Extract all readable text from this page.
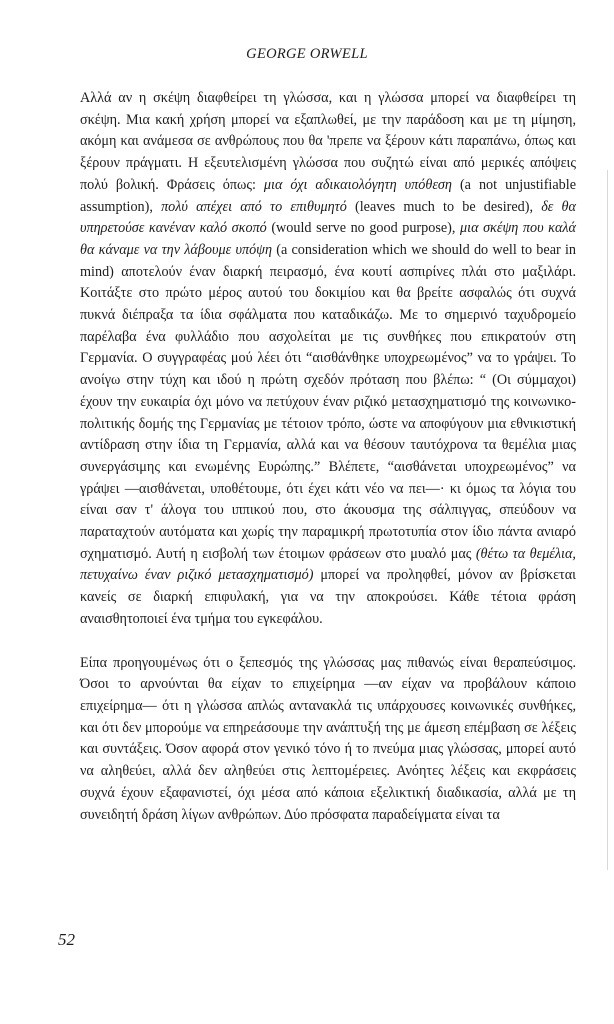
GEORGE ORWELL

Αλλά αν η σκέψη διαφθείρει τη γλώσσα, και η γλώσσα μπορεί να διαφθείρει τη σκέψη. Μια κακή χρήση μπορεί να εξαπλωθεί, με την παράδοση και με τη μίμηση, ακόμη και ανάμεσα σε ανθρώπους που θα 'πρεπε να ξέρουν κάτι παραπάνω, όπως και ξέρουν πράγματι. Η εξευτελισμένη γλώσσα που συζητώ είναι από μερικές απόψεις πολύ βολική. Φράσεις όπως: μια όχι αδικαιολόγητη υπόθεση (a not unjustifiable assumption), πολύ απέχει από το επιθυμητό (leaves much to be desired), δε θα υπηρετούσε κανέναν καλό σκοπό (would serve no good purpose), μια σκέψη που καλά θα κάναμε να την λάβουμε υπόψη (a consideration which we should do well to bear in mind) αποτελούν έναν διαρκή πειρασμό, ένα κουτί ασπιρίνες πλάι στο μαξιλάρι. Κοιτάξτε στο πρώτο μέρος αυτού του δοκιμίου και θα βρείτε ασφαλώς ότι συχνά πυκνά διέπραξα τα ίδια σφάλματα που καταδικάζω. Με το σημερινό ταχυδρομείο παρέλαβα ένα φυλλάδιο που ασχολείται με τις συνθήκες που επικρατούν στη Γερμανία. Ο συγγραφέας μού λέει ότι “αισθάνθηκε υποχρεωμένος” να το γράψει. Το ανοίγω στην τύχη και ιδού η πρώτη σχεδόν πρόταση που βλέπω: “ (Οι σύμμαχοι) έχουν την ευκαιρία όχι μόνο να πετύχουν έναν ριζικό μετασχηματισμό της κοινωνικο-πολιτικής δομής της Γερμανίας με τέτοιον τρόπο, ώστε να αποφύγουν μια εθνικιστική αντίδραση στην ίδια τη Γερμανία, αλλά και να θέσουν ταυτόχρονα τα θεμέλια μιας συνεργάσιμης και ενωμένης Ευρώπης.” Βλέπετε, “αισθάνεται υποχρεωμένος” να γράψει —αισθάνεται, υποθέτουμε, ότι έχει κάτι νέο να πει—· κι όμως τα λόγια του είναι σαν τ' άλογα του ιππικού που, στο άκουσμα της σάλπιγγας, σπεύδουν να παραταχτούν αυτόματα και χωρίς την παραμικρή πρωτοτυπία στον ίδιο πάντα ανιαρό σχηματισμό. Αυτή η εισβολή των έτοιμων φράσεων στο μυαλό μας (θέτω τα θεμέλια, πετυχαίνω έναν ριζικό μετασχηματισμό) μπορεί να προληφθεί, μόνον αν βρίσκεται κανείς σε διαρκή επιφυλακή, για να την αποκρούσει. Κάθε τέτοια φράση αναισθητοποιεί ένα τμήμα του εγκεφάλου.

Είπα προηγουμένως ότι ο ξεπεσμός της γλώσσας μας πιθανώς είναι θεραπεύσιμος. Όσοι το αρνούνται θα είχαν το επιχείρημα —αν είχαν να προβάλουν κάποιο επιχείρημα— ότι η γλώσσα απλώς αντανακλά τις υπάρχουσες κοινωνικές συνθήκες, και ότι δεν μπορούμε να επηρεάσουμε την ανάπτυξή της με άμεση επέμβαση σε λέξεις και συντάξεις. Όσον αφορά στον γενικό τόνο ή το πνεύμα μιας γλώσσας, μπορεί αυτό να αληθεύει, αλλά δεν αληθεύει στις λεπτομέρειες. Ανόητες λέξεις και εκφράσεις συχνά έχουν εξαφανιστεί, όχι μέσα από κάποια εξελικτική διαδικασία, αλλά με τη συνειδητή δράση λίγων ανθρώπων. Δύο πρόσφατα παραδείγματα είναι τα

52
